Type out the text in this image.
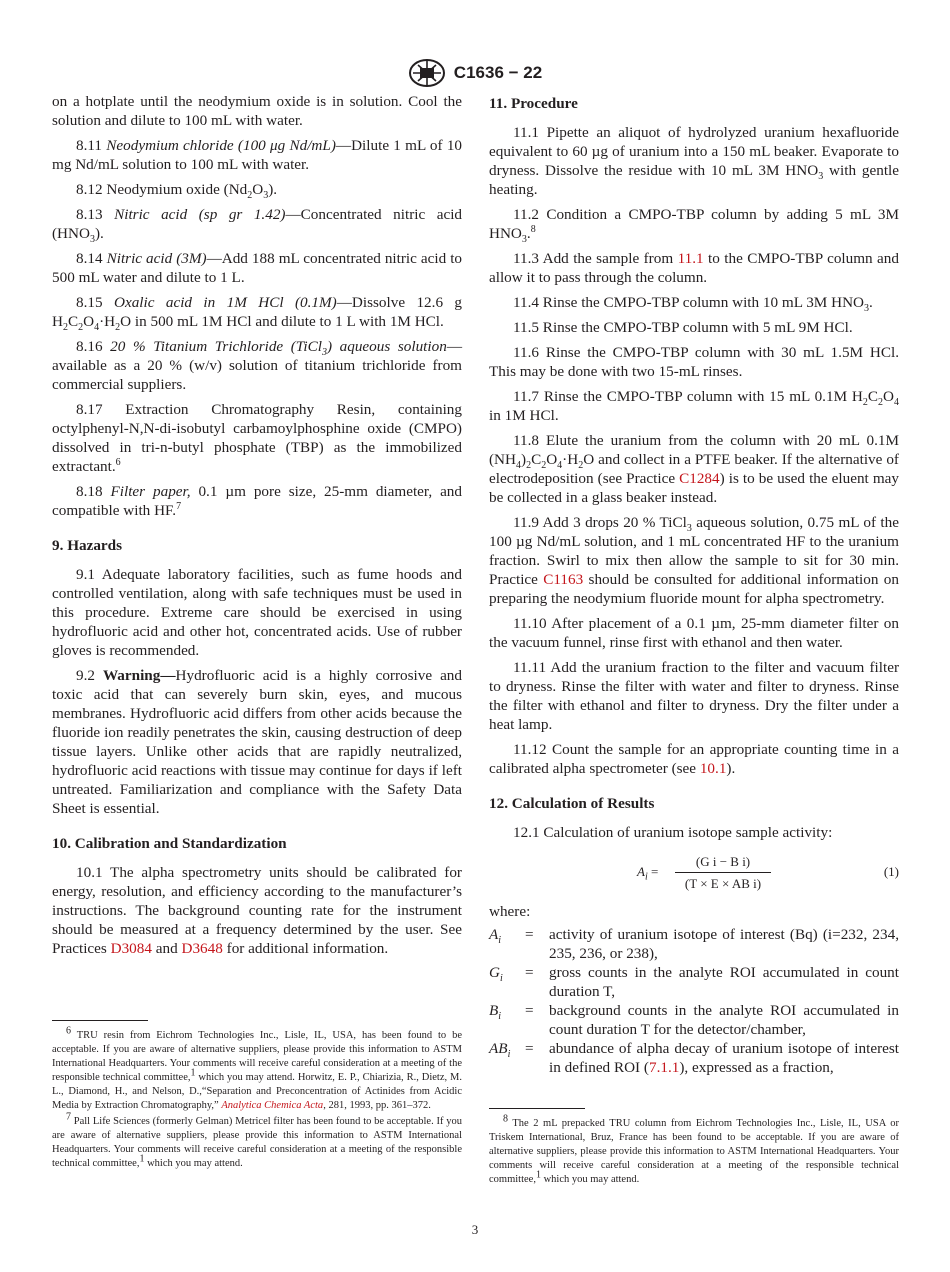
C1636 − 22

on a hotplate until the neodymium oxide is in solution. Cool the solution and dilute to 100 mL with water.

8.11 Neodymium chloride (100 μg Nd/mL)—Dilute 1 mL of 10 mg Nd/mL solution to 100 mL with water.

8.12 Neodymium oxide $(Nd_2O_3)$.

8.13 Nitric acid (sp gr 1.42)—Concentrated nitric acid $(HNO_3)$.

8.14 Nitric acid (3M)—Add 188 mL concentrated nitric acid to 500 mL water and dilute to 1 L.

8.15 Oxalic acid in 1M HCl (0.1M)—Dissolve 12.6 g $H_2C_2O_4\cdot H_2O$ in 500 mL 1M HCl and dilute to 1 L with 1M HCl.

8.16 20 % Titanium Trichloride (TiCl$_3$) aqueous solution—available as a 20 % (w/v) solution of titanium trichloride from commercial suppliers.

8.17 Extraction Chromatography Resin, containing octylphenyl-N,N-di-isobutyl carbamoylphosphine oxide (CMPO) dissolved in tri-n-butyl phosphate (TBP) as the immobilized extractant.$^6$

8.18 Filter paper, 0.1 µm pore size, 25-mm diameter, and compatible with HF.$^7$

9. Hazards

9.1 Adequate laboratory facilities, such as fume hoods and controlled ventilation, along with safe techniques must be used in this procedure. Extreme care should be exercised in using hydrofluoric acid and other hot, concentrated acids. Use of rubber gloves is recommended.

9.2 Warning—Hydrofluoric acid is a highly corrosive and toxic acid that can severely burn skin, eyes, and mucous membranes. Hydrofluoric acid differs from other acids because the fluoride ion readily penetrates the skin, causing destruction of deep tissue layers. Unlike other acids that are rapidly neutralized, hydrofluoric acid reactions with tissue may continue for days if left untreated. Familiarization and compliance with the Safety Data Sheet is essential.

10. Calibration and Standardization

10.1 The alpha spectrometry units should be calibrated for energy, resolution, and efficiency according to the manufacturer’s instructions. The background counting rate for the instrument should be measured at a frequency determined by the user. See Practices D3084 and D3648 for additional information.

$^6$ TRU resin from Eichrom Technologies Inc., Lisle, IL, USA, has been found to be acceptable. If you are aware of alternative suppliers, please provide this information to ASTM International Headquarters. Your comments will receive careful consideration at a meeting of the responsible technical committee,$^1$ which you may attend. Horwitz, E. P., Chiarizia, R., Dietz, M. L., Diamond, H., and Nelson, D.,“Separation and Preconcentration of Actinides from Acidic Media by Extraction Chromatography,” Analytica Chemica Acta, 281, 1993, pp. 361–372.

$^7$ Pall Life Sciences (formerly Gelman) Metricel filter has been found to be acceptable. If you are aware of alternative suppliers, please provide this information to ASTM International Headquarters. Your comments will receive careful consideration at a meeting of the responsible technical committee,$^1$ which you may attend.

11. Procedure

11.1 Pipette an aliquot of hydrolyzed uranium hexafluoride equivalent to 60 µg of uranium into a 150 mL beaker. Evaporate to dryness. Dissolve the residue with 10 mL 3M $HNO_3$ with gentle heating.

11.2 Condition a CMPO-TBP column by adding 5 mL 3M $HNO_3.^8$

11.3 Add the sample from 11.1 to the CMPO-TBP column and allow it to pass through the column.

11.4 Rinse the CMPO-TBP column with 10 mL 3M $HNO_3$.

11.5 Rinse the CMPO-TBP column with 5 mL 9M HCl.

11.6 Rinse the CMPO-TBP column with 30 mL 1.5M HCl. This may be done with two 15-mL rinses.

11.7 Rinse the CMPO-TBP column with 15 mL 0.1M $H_2C_2O_4$ in 1M HCl.

11.8 Elute the uranium from the column with 20 mL 0.1M $(NH_4)_2C_2O_4\cdot H_2O$ and collect in a PTFE beaker. If the alternative of electrodeposition (see Practice C1284) is to be used the eluent may be collected in a glass beaker instead.

11.9 Add 3 drops 20 % TiCl$_3$ aqueous solution, 0.75 mL of the 100 µg Nd/mL solution, and 1 mL concentrated HF to the uranium fraction. Swirl to mix then allow the sample to sit for 30 min. Practice C1163 should be consulted for additional information on preparing the neodymium fluoride mount for alpha spectrometry.

11.10 After placement of a 0.1 µm, 25-mm diameter filter on the vacuum funnel, rinse first with ethanol and then water.

11.11 Add the uranium fraction to the filter and vacuum filter to dryness. Rinse the filter with water and filter to dryness. Rinse the filter with ethanol and filter to dryness. Dry the filter under a heat lamp.

11.12 Count the sample for an appropriate counting time in a calibrated alpha spectrometer (see 10.1).

12. Calculation of Results

12.1 Calculation of uranium isotope sample activity:

$A_i = \frac{\text{(G i − B i)}}{\text{(T × E × AB i)}}$	(1)

where:

$A_i$	=	activity of uranium isotope of interest (Bq) (i=232, 234, 235, 236, or 238),
$G_i$	=	gross counts in the analyte ROI accumulated in count duration T,
$B_i$	=	background counts in the analyte ROI accumulated in count duration T for the detector/chamber,
$AB_i$	=	abundance of alpha decay of uranium isotope of interest in defined ROI (7.1.1), expressed as a fraction,

$^8$ The 2 mL prepacked TRU column from Eichrom Technologies Inc., Lisle, IL, USA or Triskem International, Bruz, France has been found to be acceptable. If you are aware of alternative suppliers, please provide this information to ASTM International Headquarters. Your comments will receive careful consideration at a meeting of the responsible technical committee,$^1$ which you may attend.

3
